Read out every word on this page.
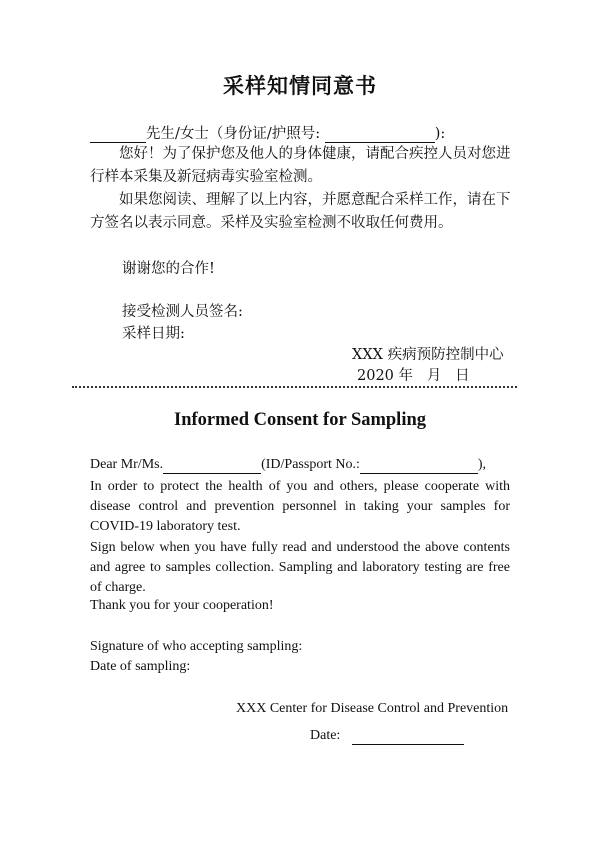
采样知情同意书
先生/女士（身份证/护照号:	):
您好！为了保护您及他人的身体健康，请配合疾控人员对您进行样本采集及新冠病毒实验室检测。
如果您阅读、理解了以上内容，并愿意配合采样工作，请在下方签名以表示同意。采样及实验室检测不收取任何费用。
谢谢您的合作!
接受检测人员签名:
采样日期:
XXX 疾病预防控制中心
2020 年   月   日
Informed Consent for Sampling
Dear Mr/Ms.	(ID/Passport No.:	),
In order to protect the health of you and others, please cooperate with disease control and prevention personnel in taking your samples for COVID-19 laboratory test.
Sign below when you have fully read and understood the above contents and agree to samples collection. Sampling and laboratory testing are free of charge.
Thank you for your cooperation!
Signature of who accepting sampling:
Date of sampling:
XXX Center for Disease Control and Prevention
Date:
